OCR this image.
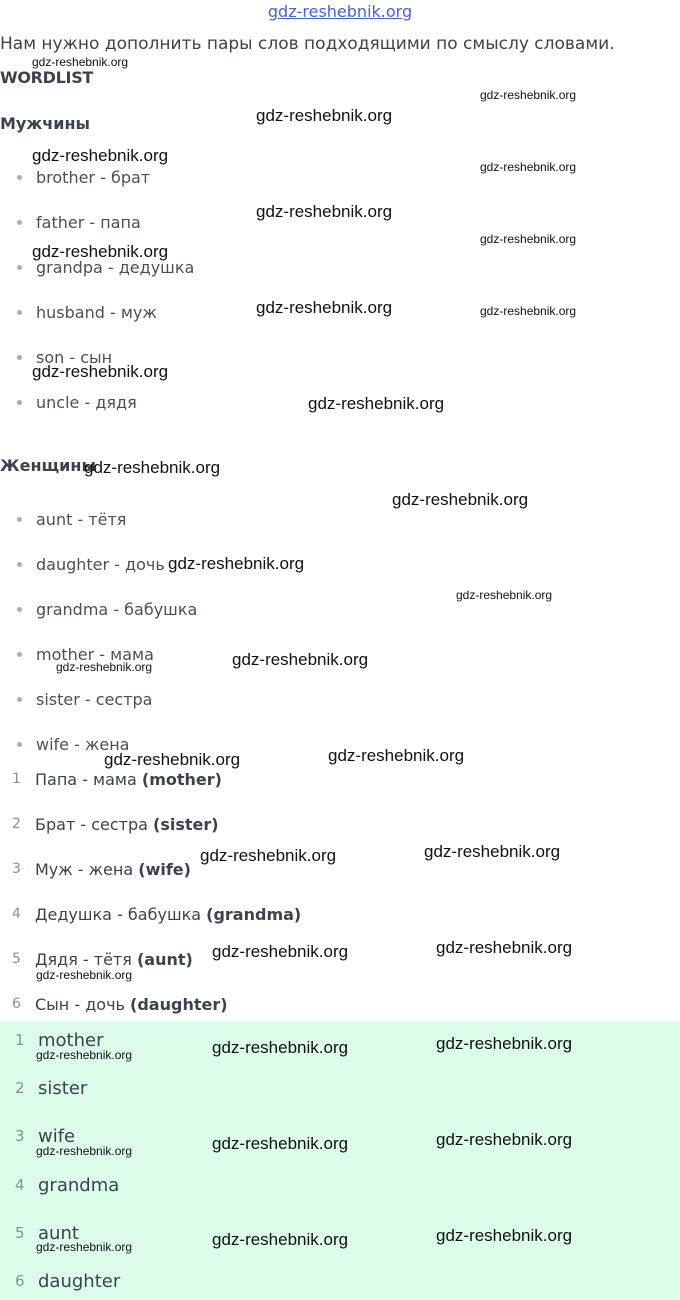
gdz-reshebnik.org
Нам нужно дополнить пары слов подходящими по смыслу словами.
WORDLIST
Мужчины
brother - брат
father - папа
grandpa - дедушка
husband - муж
son - сын
uncle - дядя
Женщины
aunt - тётя
daughter - дочь
grandma - бабушка
mother - мама
sister - сестра
wife - жена
1 Папа - мама (mother)
2 Брат - сестра (sister)
3 Муж - жена (wife)
4 Дедушка - бабушка (grandma)
5 Дядя - тётя (aunt)
6 Сын - дочь (daughter)
1 mother
2 sister
3 wife
4 grandma
5 aunt
6 daughter
gdz-reshebnik.org
gdz-reshebnik.org
gdz-reshebnik.org
gdz-reshebnik.org
gdz-reshebnik.org
gdz-reshebnik.org
gdz-reshebnik.org
gdz-reshebnik.org
gdz-reshebnik.org	gdz-reshebnik.org
gdz-reshebnik.org
gdz-reshebnik.org
gdz-reshebnik.org
gdz-reshebnik.org
gdz-reshebnik.org
gdz-reshebnik.org
gdz-reshebnik.org
gdz-reshebnik.org
gdz-reshebnik.org
gdz-reshebnik.org
gdz-reshebnik.org
gdz-reshebnik.org
gdz-reshebnik.org
gdz-reshebnik.org
gdz-reshebnik.org
gdz-reshebnik.org
gdz-reshebnik.org
gdz-reshebnik.org
gdz-reshebnik.org
gdz-reshebnik.org
gdz-reshebnik.org
gdz-reshebnik.org
gdz-reshebnik.org
gdz-reshebnik.org
